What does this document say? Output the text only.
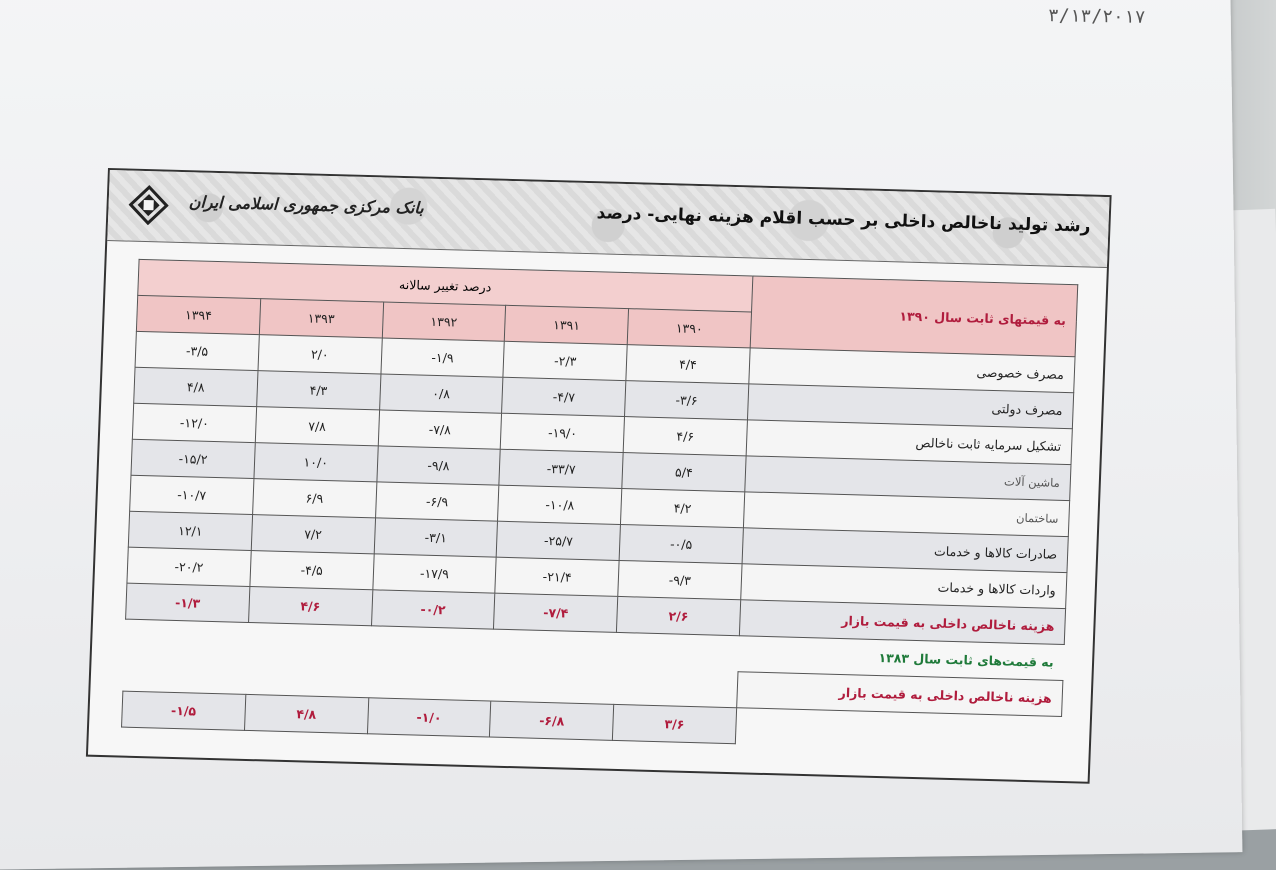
۳/۱۳/۲۰۱۷
بانک مرکزی جمهوری اسلامی ایران	رشد تولید ناخالص داخلی بر حسب اقلام هزینه نهایی- درصد
به قیمتهای ثابت سال ۱۳۹۰	درصد تغییر سالانه				
	۱۳۹۰	۱۳۹۱	۱۳۹۲	۱۳۹۳	۱۳۹۴
مصرف خصوصی	۴/۴	-۲/۳	-۱/۹	۲/۰	-۳/۵
مصرف دولتی	-۳/۶	-۴/۷	۰/۸	۴/۳	۴/۸
تشکیل سرمایه ثابت ناخالص	۴/۶	-۱۹/۰	-۷/۸	۷/۸	-۱۲/۰
ماشین آلات	۵/۴	-۳۳/۷	-۹/۸	۱۰/۰	-۱۵/۲
ساختمان	۴/۲	-۱۰/۸	-۶/۹	۶/۹	-۱۰/۷
صادرات کالاها و خدمات	-۰/۵	-۲۵/۷	-۳/۱	۷/۲	۱۲/۱
واردات کالاها و خدمات	-۹/۳	-۲۱/۴	-۱۷/۹	-۴/۵	-۲۰/۲
هزینه ناخالص داخلی به قیمت بازار	۲/۶	-۷/۴	-۰/۲	۴/۶	-۱/۳
به قیمت‌های ثابت سال ۱۳۸۳					
هزینه ناخالص داخلی به قیمت بازار					
	۳/۶	-۶/۸	-۱/۰	۴/۸	-۱/۵
